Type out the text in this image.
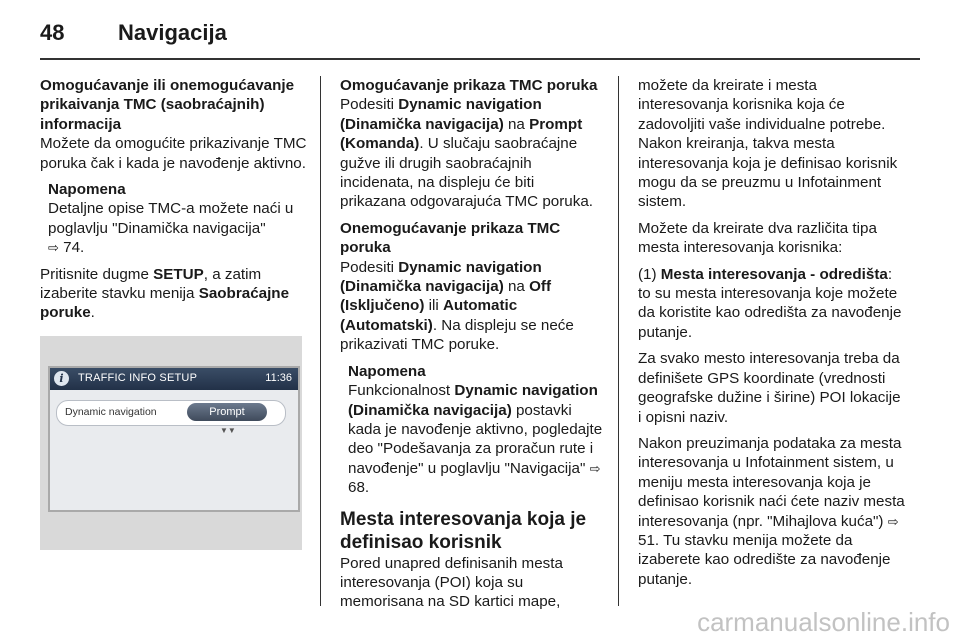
48 Navigacija

Omogućavanje ili onemogućavanje prikaivanja TMC (saobraćajnih) informacija

Možete da omogućite prikazivanje TMC poruka čak i kada je navođenje aktivno.

Napomena
Detaljne opise TMC-a možete naći u poglavlju "Dinamička navigacija"
⇨ 74.

Pritisnite dugme SETUP, a zatim izaberite stavku menija Saobraćajne poruke.

i	TRAFFIC INFO SETUP	11:36
Dynamic navigation	Prompt
▼▼

Omogućavanje prikaza TMC poruka

Podesiti Dynamic navigation (Dinamička navigacija) na Prompt (Komanda). U slučaju saobraćajne gužve ili drugih saobraćajnih incidenata, na displeju će biti prikazana odgovarajuća TMC poruka.

Onemogućavanje prikaza TMC poruka

Podesiti Dynamic navigation (Dinamička navigacija) na Off (Isključeno) ili Automatic (Automatski). Na displeju se neće prikazivati TMC poruke.

Napomena
Funkcionalnost Dynamic navigation (Dinamička navigacija) postavki kada je navođenje aktivno, pogledajte deo "Podešavanja za proračun rute i navođenje" u poglavlju "Navigacija" ⇨ 68.
Mesta interesovanja koja je definisao korisnik

Pored unapred definisanih mesta interesovanja (POI) koja su memorisana na SD kartici mape,

možete da kreirate i mesta interesovanja korisnika koja će zadovoljiti vaše individualne potrebe. Nakon kreiranja, takva mesta interesovanja koja je definisao korisnik mogu da se preuzmu u Infotainment sistem.

Možete da kreirate dva različita tipa mesta interesovanja korisnika:

(1) Mesta interesovanja - odredišta: to su mesta interesovanja koje možete da koristite kao odredišta za navođenje putanje.

Za svako mesto interesovanja treba da definišete GPS koordinate (vrednosti geografske dužine i širine) POI lokacije i opisni naziv.

Nakon preuzimanja podataka za mesta interesovanja u Infotainment sistem, u meniju mesta interesovanja koja je definisao korisnik naći ćete naziv mesta interesovanja (npr. "Mihajlova kuća") ⇨ 51. Tu stavku menija možete da izaberete kao odredište za navođenje putanje.

carmanualsonline.info
